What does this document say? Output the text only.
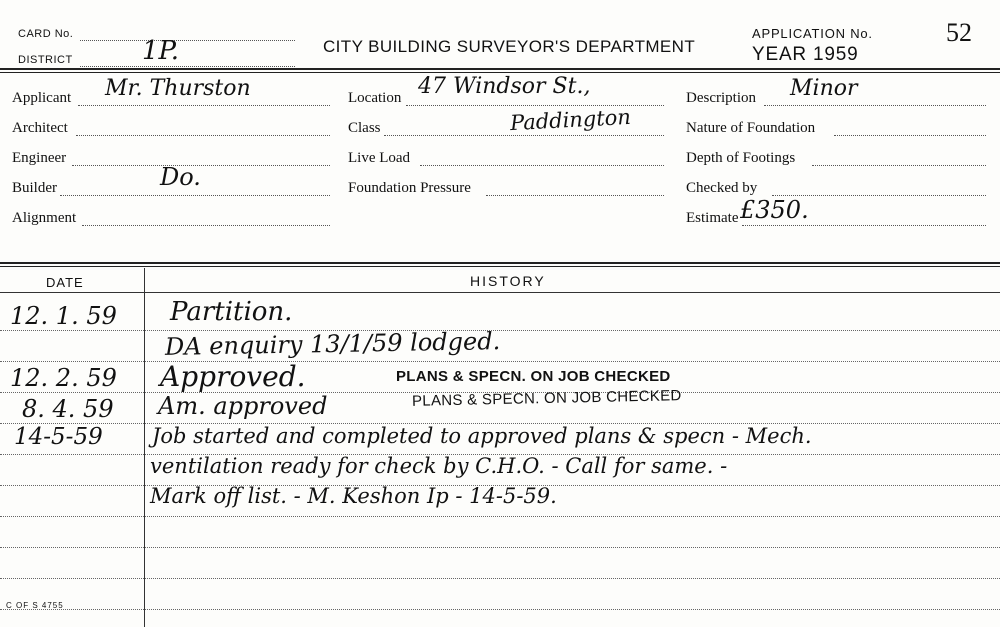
CARD No.
DISTRICT	1P.	CITY BUILDING SURVEYOR'S DEPARTMENT
APPLICATION No.
YEAR 1959
52
Applicant Mr. Thurston
Architect
Engineer
Builder	Do.
Alignment
Location 47 Windsor St.,
Class	Paddington
Live Load
Foundation Pressure
Description Minor
Nature of Foundation
Depth of Footings
Checked by
Estimate £350.
DATE	HISTORY
12. 1. 59 Partition.
DA enquiry 13/1/59 lodged.
12. 2. 59 Approved.	PLANS & SPECN. ON JOB CHECKED
8. 4. 59 Am. approved	PLANS & SPECN. ON JOB CHECKED
14-5-59 Job started and completed to approved plans & specn - Mech.
ventilation ready for check by C.H.O. - Call for same. -
Mark off list. - M. Keshon Ip - 14-5-59.
C OF S 4755
